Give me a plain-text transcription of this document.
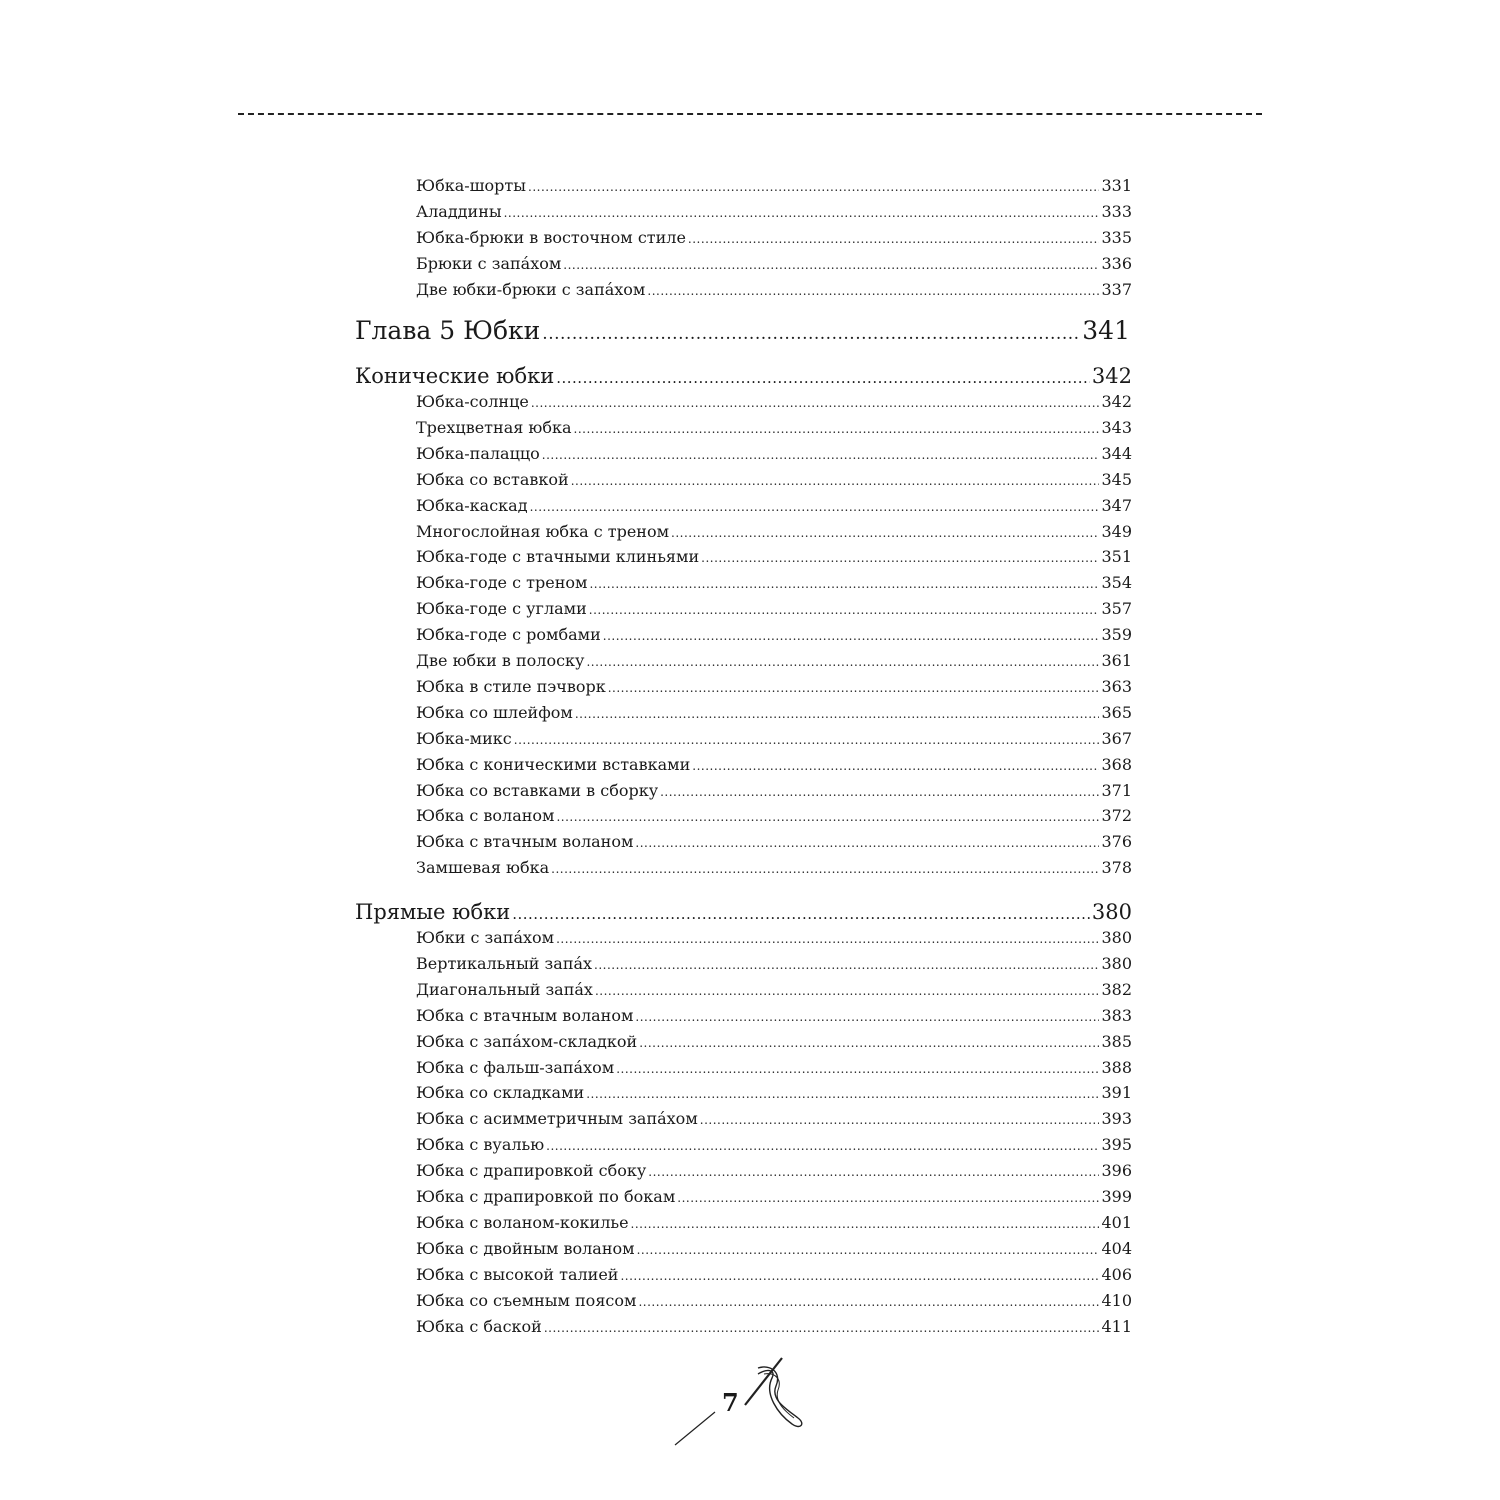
Юбка-шорты .....	331
Аладдины .....	333
Юбка-брюки в восточном стиле .....	335
Брюки с запа́хом .....	336
Две юбки-брюки с запа́хом .....	337
Глава 5 Юбки .....	341
Конические юбки .....	342
Юбка-солнце .....	342
Трехцветная юбка .....	343
Юбка-палаццо .....	344
Юбка со вставкой .....	345
Юбка-каскад .....	347
Многослойная юбка с треном .....	349
Юбка-годе с втачными клиньями .....	351
Юбка-годе с треном .....	354
Юбка-годе с углами .....	357
Юбка-годе с ромбами .....	359
Две юбки в полоску .....	361
Юбка в стиле пэчворк .....	363
Юбка со шлейфом .....	365
Юбка-микс .....	367
Юбка с коническими вставками .....	368
Юбка со вставками в сборку .....	371
Юбка с воланом .....	372
Юбка с втачным воланом .....	376
Замшевая юбка .....	378
Прямые юбки .....	380
Юбки с запа́хом .....	380
Вертикальный запа́х .....	380
Диагональный запа́х .....	382
Юбка с втачным воланом .....	383
Юбка с запа́хом-складкой .....	385
Юбка с фальш-запа́хом .....	388
Юбка со складками .....	391
Юбка с асимметричным запа́хом .....	393
Юбка с вуалью .....	395
Юбка с драпировкой сбоку .....	396
Юбка с драпировкой по бокам .....	399
Юбка с воланом-кокилье .....	401
Юбка с двойным воланом .....	404
Юбка с высокой талией .....	406
Юбка со съемным поясом .....	410
Юбка с баской .....	411
7
